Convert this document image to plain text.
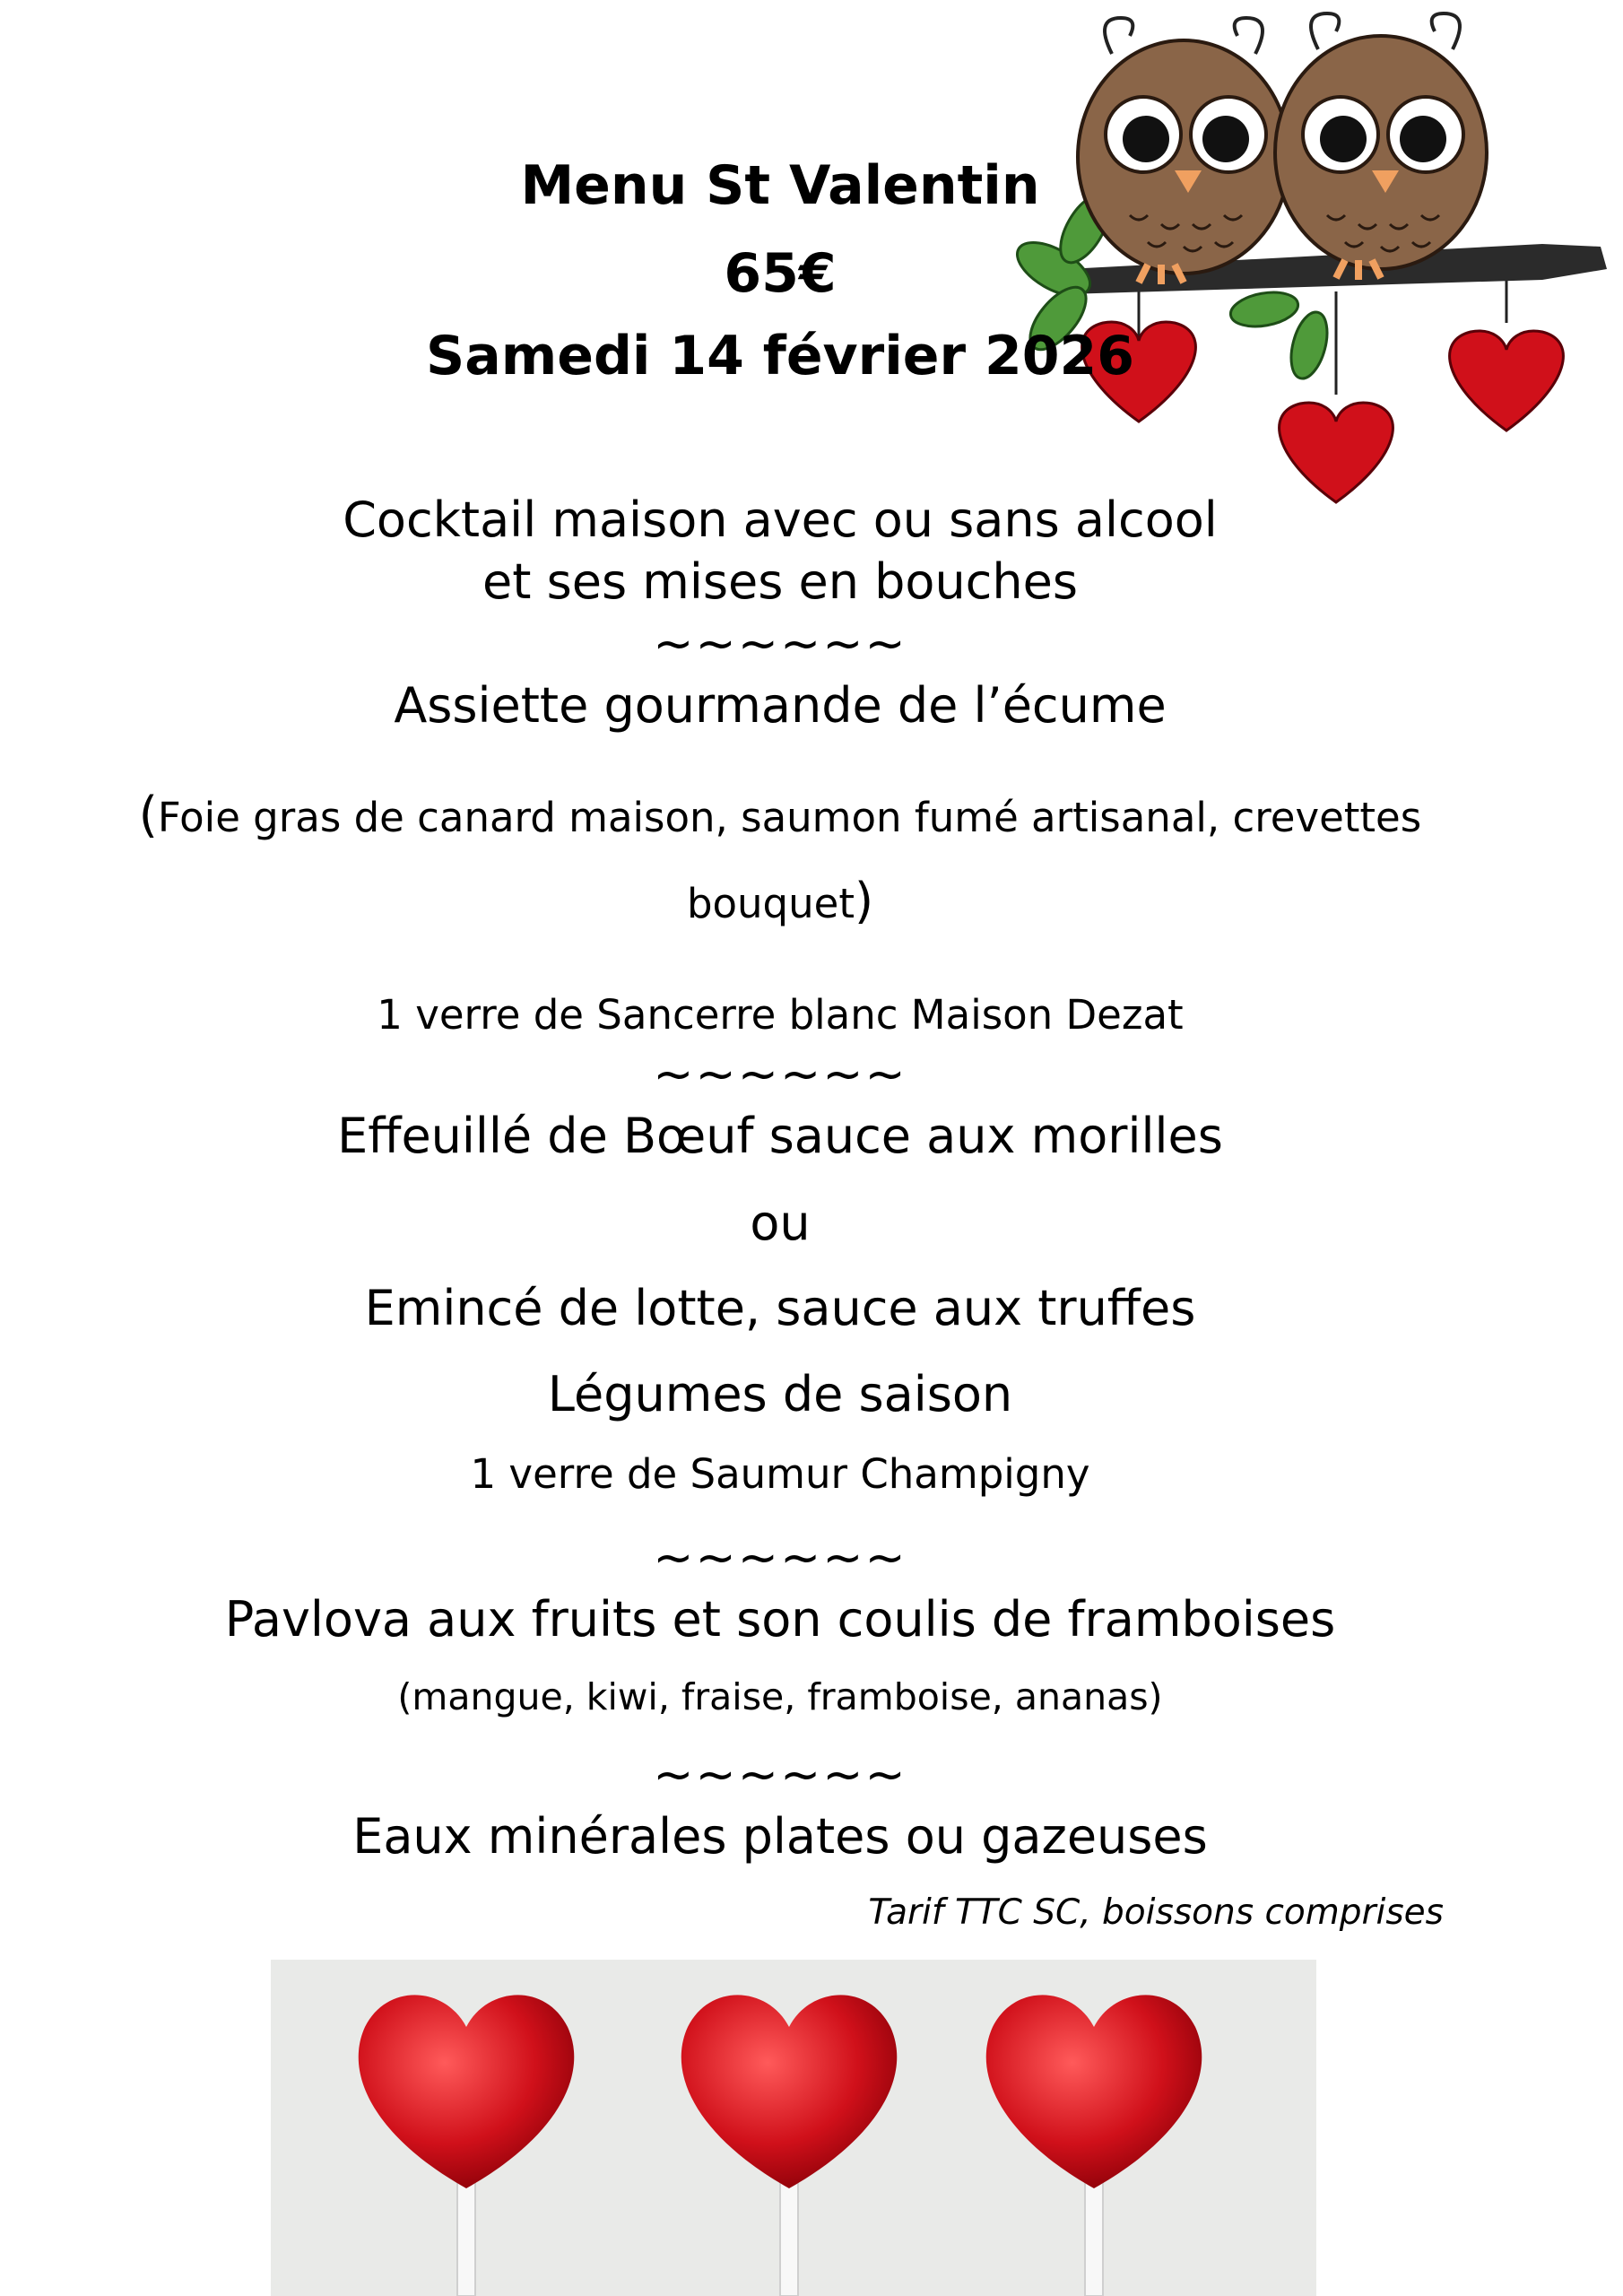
Menu St Valentin
65€
Samedi 14 février 2026
Cocktail maison avec ou sans alcool
et ses mises en bouches
~~~~~~
Assiette gourmande de l’écume
(Foie gras de canard maison, saumon fumé artisanal, crevettes
bouquet)
1 verre de Sancerre blanc Maison Dezat
~~~~~~
Effeuillé de Bœuf sauce aux morilles
ou
Emincé de lotte, sauce aux truffes
Légumes de saison
1 verre de Saumur Champigny
~~~~~~
Pavlova aux fruits et son coulis de framboises
(mangue, kiwi, fraise, framboise, ananas)
~~~~~~
Eaux minérales plates ou gazeuses
Tarif TTC SC, boissons comprises
